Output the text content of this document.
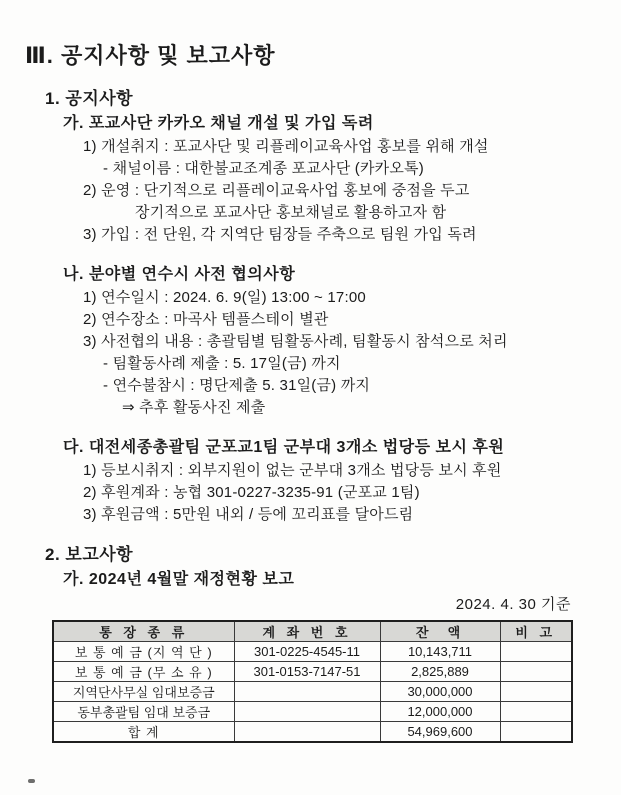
Ⅲ. 공지사항 및 보고사항
1. 공지사항
가. 포교사단 카카오 채널 개설 및 가입 독려

1) 개설취지 : 포교사단 및 리플레이교육사업 홍보를 위해 개설

- 채널이름 : 대한불교조계종 포교사단 (카카오톡)

2) 운영 : 단기적으로 리플레이교육사업 홍보에 중점을 두고

장기적으로 포교사단 홍보채널로 활용하고자 함

3) 가입 : 전 단원, 각 지역단 팀장들 주축으로 팀원 가입 독려

나. 분야별 연수시 사전 협의사항

1) 연수일시 : 2024. 6. 9(일) 13:00 ~ 17:00

2) 연수장소 : 마곡사 템플스테이 별관

3) 사전협의 내용 : 총괄팀별 팀활동사례, 팀활동시 참석으로 처리

- 팀활동사례 제출 : 5. 17일(금) 까지

- 연수불참시 : 명단제출 5. 31일(금) 까지

⇒ 추후 활동사진 제출

다. 대전세종총괄팀 군포교1팀 군부대 3개소 법당등 보시 후원

1) 등보시취지 : 외부지원이 없는 군부대 3개소 법당등 보시 후원

2) 후원계좌 : 농협 301-0227-3235-91 (군포교 1팀)

3) 후원금액 : 5만원 내외 / 등에 꼬리표를 달아드림

2. 보고사항
가. 2024년 4월말 재정현황 보고
2024. 4. 30 기준
통 장 종 류	계 좌 번 호	잔  액	비 고
보 통 예 금 (지 역 단 )	301-0225-4545-11	10,143,711	
보 통 예 금 (무 소 유 )	301-0153-7147-51	2,825,889	
지역단사무실 임대보증금		30,000,000	
동부총괄팀 임대 보증금		12,000,000	
합 계		54,969,600	
